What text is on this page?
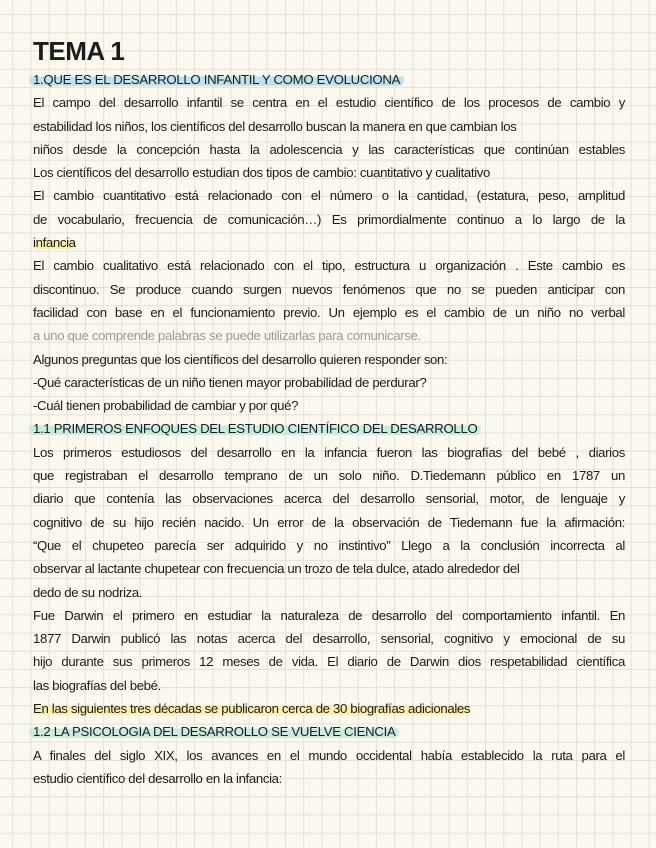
TEMA 1
1.QUE ES EL DESARROLLO INFANTIL Y COMO EVOLUCIONA
El campo del desarrollo infantil se centra en el estudio científico de los procesos de cambio y
estabilidad los niños, los científicos del desarrollo buscan la manera en que cambian los
niños desde la concepción hasta la adolescencia y las características que continúan estables
Los científicos del desarrollo estudian dos tipos de cambio: cuantitativo y cualitativo
El cambio cuantitativo está relacionado con el número o la cantidad, (estatura, peso, amplitud
de vocabulario, frecuencia de comunicación…) Es primordialmente continuo a lo largo de la
infancia
El cambio cualitativo está relacionado con el tipo, estructura u organización . Este cambio es
discontinuo. Se produce cuando surgen nuevos fenómenos que no se pueden anticipar con
facilidad con base en el funcionamiento previo. Un ejemplo es el cambio de un niño no verbal
a uno que comprende palabras se puede utilizarlas para comunicarse.
Algunos preguntas que los científicos del desarrollo quieren responder son:
-Qué características de un niño tienen mayor probabilidad de perdurar?
-Cuál tienen probabilidad de cambiar y por qué?
1.1 PRIMEROS ENFOQUES DEL ESTUDIO CIENTÍFICO DEL DESARROLLO
Los primeros estudiosos del desarrollo en la infancia fueron las biografías del bebé , diarios
que registraban el desarrollo temprano de un solo niño. D.Tiedemann público en 1787 un
diario que contenía las observaciones acerca del desarrollo sensorial, motor, de lenguaje y
cognitivo de su hijo recién nacido. Un error de la observación de Tiedemann fue la afirmación:
“Que el chupeteo parecía ser adquirido y no instintivo” Llego a la conclusión incorrecta al
observar al lactante chupetear con frecuencia un trozo de tela dulce, atado alrededor del
dedo de su nodriza.
Fue Darwin el primero en estudiar la naturaleza de desarrollo del comportamiento infantil. En
1877 Darwin publicó las notas acerca del desarrollo, sensorial, cognitivo y emocional de su
hijo durante sus primeros 12 meses de vida. El diario de Darwin dios respetabilidad científica
las biografías del bebé.
En las siguientes tres décadas se publicaron cerca de 30 biografías adicionales
1.2 LA PSICOLOGIA DEL DESARROLLO SE VUELVE CIENCIA
A finales del siglo XIX, los avances en el mundo occidental había establecido la ruta para el
estudio científico del desarrollo en la infancia:
